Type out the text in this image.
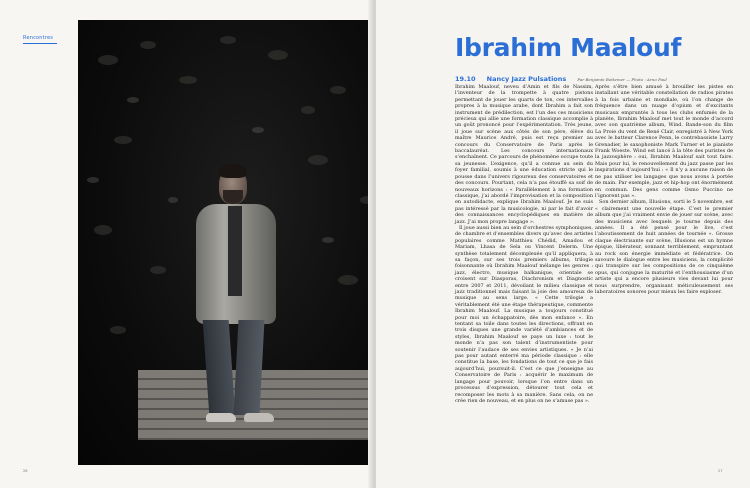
Rencontres
26
Ibrahim Maalouf
19.10 Nancy Jazz Pulsations	Par Benjamin Bottemer — Photo : Arno Paul

Ibrahim Maalouf, neveu d’Amin et fils de Nassim, l’inventeur de la trompette à quatre pistons permettant de jouer les quarts de ton, ces intervalles propres à la musique arabe, dont Ibrahim a fait son instrument de prédilection, est l’un des ces musiciens précieux qui allie une formation classique accomplie à un goût prononcé pour l’expérimentation. Très jeune, il joue sur scène aux côtés de son père, élève du maître Maurice André, puis est reçu premier au concours du Conservatoire de Paris après le baccalauréat. Les concours internationaux s’enchaînent. Ce parcours de phénomène occupe toute sa jeunesse. L’exigence, qu’il a connue au sein du foyer familial, soumis à une éducation stricte qui le pousse dans l’univers rigoureux des conservatoires et des concours. Pourtant, cela n’a pas étouffé sa soif de nouveaux horizons : « Parallèlement à ma formation classique, j’ai abordé l’improvisation et la composition en autodidacte, explique Ibrahim Maalouf. Je ne suis pas intéressé par la musicologie, ni par le fait d’avoir des connaissances encyclopédiques en matière de jazz. J’ai mon propre langage ».

Il joue aussi bien au sein d’orchestres symphoniques, de chambre et d’ensembles divers qu’avec des artistes populaires comme Matthieu Chédid, Amadou et Mariam, Lhasa de Sela ou Vincent Delerm. Une synthèse totalement décomplexée qu’il appliquera, à sa façon, sur ses trois premiers albums, trilogie foisonnante où Ibrahim Maalouf mélange les genres : jazz, électro, musique balkanique, orientale se croisent sur Diasporas, Diachronism et Diagnostic entre 2007 et 2011, dévoilant le milieu classique et jazz traditionnel mais faisant la joie des amoureux de musique au sens large. « Cette trilogie a véritablement été une étape thérapeutique, commente Ibrahim Maalouf. La musique a toujours constitué pour moi un échappatoire, dès mon enfance ». En tentant sa toile dans toutes les directions, offrant en trois disques une grande variété d’ambiances et de styles, Ibrahim Maalouf se paye un luxe : tout le monde n’a pas son talent d’instrumentiste pour soutenir l’audace de ses envies artistiques. « Je n’ai pas pour autant enterré ma période classique : elle constitue la base, les fondations de tout ce que je fais aujourd’hui, poursuit-il. C’est ce que j’enseigne au Conservatoire de Paris : acquérir le maximum de langage pour pouvoir, lorsque l’on entre dans un processus d’expression, détourer tout cela et recomposer les mots à sa manière. Sans cela, on ne crée rien de nouveau, et en plus on ne s’amuse pas ».

Après s’être bien amusé à brouiller les pistes en installant une véritable constellation de radios pirates à la fois urbaine et mondiale, où l’on change de fréquence dans un nuage d’opium et d’excitants musicaux empruntés à tous les clubs enfumés de la planète, Ibrahim Maalouf met tout le monde d’accord avec son quatrième album, Wind. Bande-son du film La Proie du vent de René Clair, enregistré à New York avec le batteur Clarence Penn, le contrebassiste Larry Grenadier, le saxophoniste Mark Turner et le pianiste Frank Woeste. Wind est lancé à la tête des puristes de la jazzosphère : oui, Ibrahim Maalouf sait tout faire. Mais pour lui, le renouvellement du jazz passe par les inspirations d’aujourd’hui : « Il n’y a aucune raison de ne pas utiliser les langages que nous avons à portée de main. Par exemple, jazz et hip-hop ont énormément en commun. Des gens comme Osmo Puccino ne l’ignorent pas ».

Son dernier album, Illusions, sorti le 5 novembre, est « clairement une nouvelle étape. C’est le premier album que j’ai vraiment envie de jouer sur scène, avec des musiciens avec lesquels je tourne depuis des années. Il a été pensé pour le live, c’est l’aboutissement de huit années de tournée ». Grosse claque électrisante sur scène, Illusions est un hymne épique, libérateur, sonnant terriblement, empruntant au rock son énergie immédiate et fédératrice. On savoure le dialogue entre les musiciens, la complicité qui transpire sur les compositions de ce cinquième opus, qui conjugue la maturité et l’enthousiasme d’un artiste qui a encore plusieurs vies devant lui pour nous surprendre, organisant méticuleusement ses laboratoires sonores pour mieux les faire exploser.

27
